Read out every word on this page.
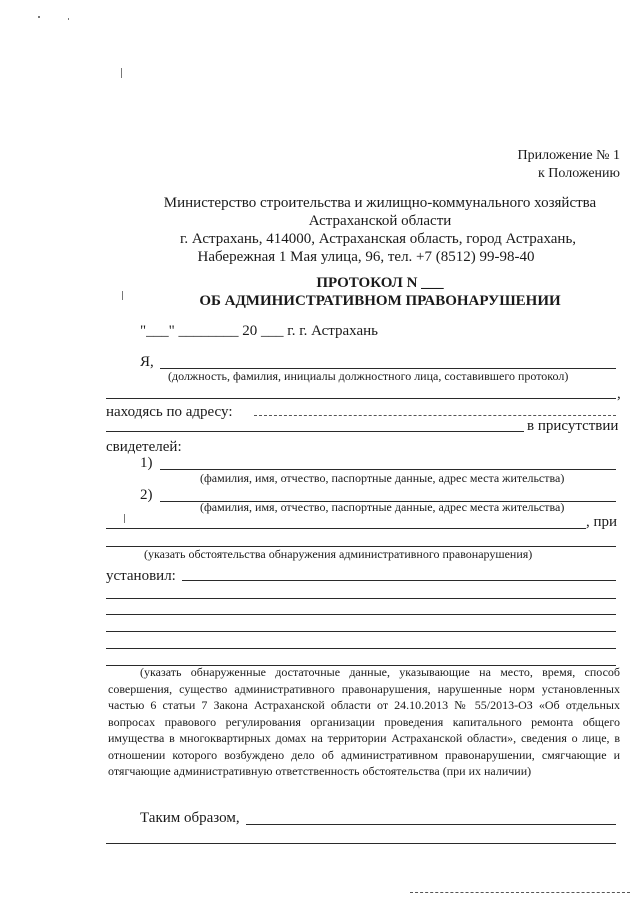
Приложение № 1
к Положению
Министерство строительства и жилищно-коммунального хозяйства
Астраханской области
г. Астрахань, 414000, Астраханская область, город Астрахань,
Набережная 1 Мая улица, 96, тел. +7 (8512) 99-98-40
ПРОТОКОЛ N ___
ОБ АДМИНИСТРАТИВНОМ ПРАВОНАРУШЕНИИ
"___" ________ 20 ___ г. г. Астрахань
Я,
(должность, фамилия, инициалы должностного лица, составившего протокол)
,
находясь по адресу:
в присутствии
свидетелей:
1)
(фамилия, имя, отчество, паспортные данные, адрес места жительства)
2)
(фамилия, имя, отчество, паспортные данные, адрес места жительства)
, при
(указать обстоятельства обнаружения административного правонарушения)
установил:
(указать обнаруженные достаточные данные, указывающие на место, время, способ совершения, существо административного правонарушения, нарушенные норм установленных частью 6 статьи 7 Закона Астраханской области от 24.10.2013 № 55/2013-ОЗ «Об отдельных вопросах правового регулирования организации проведения капитального ремонта общего имущества в многоквартирных домах на территории Астраханской области», сведения о лице, в отношении которого возбуждено дело об административном правонарушении, смягчающие и отягчающие административную ответственность обстоятельства (при их наличии)
Таким образом,
